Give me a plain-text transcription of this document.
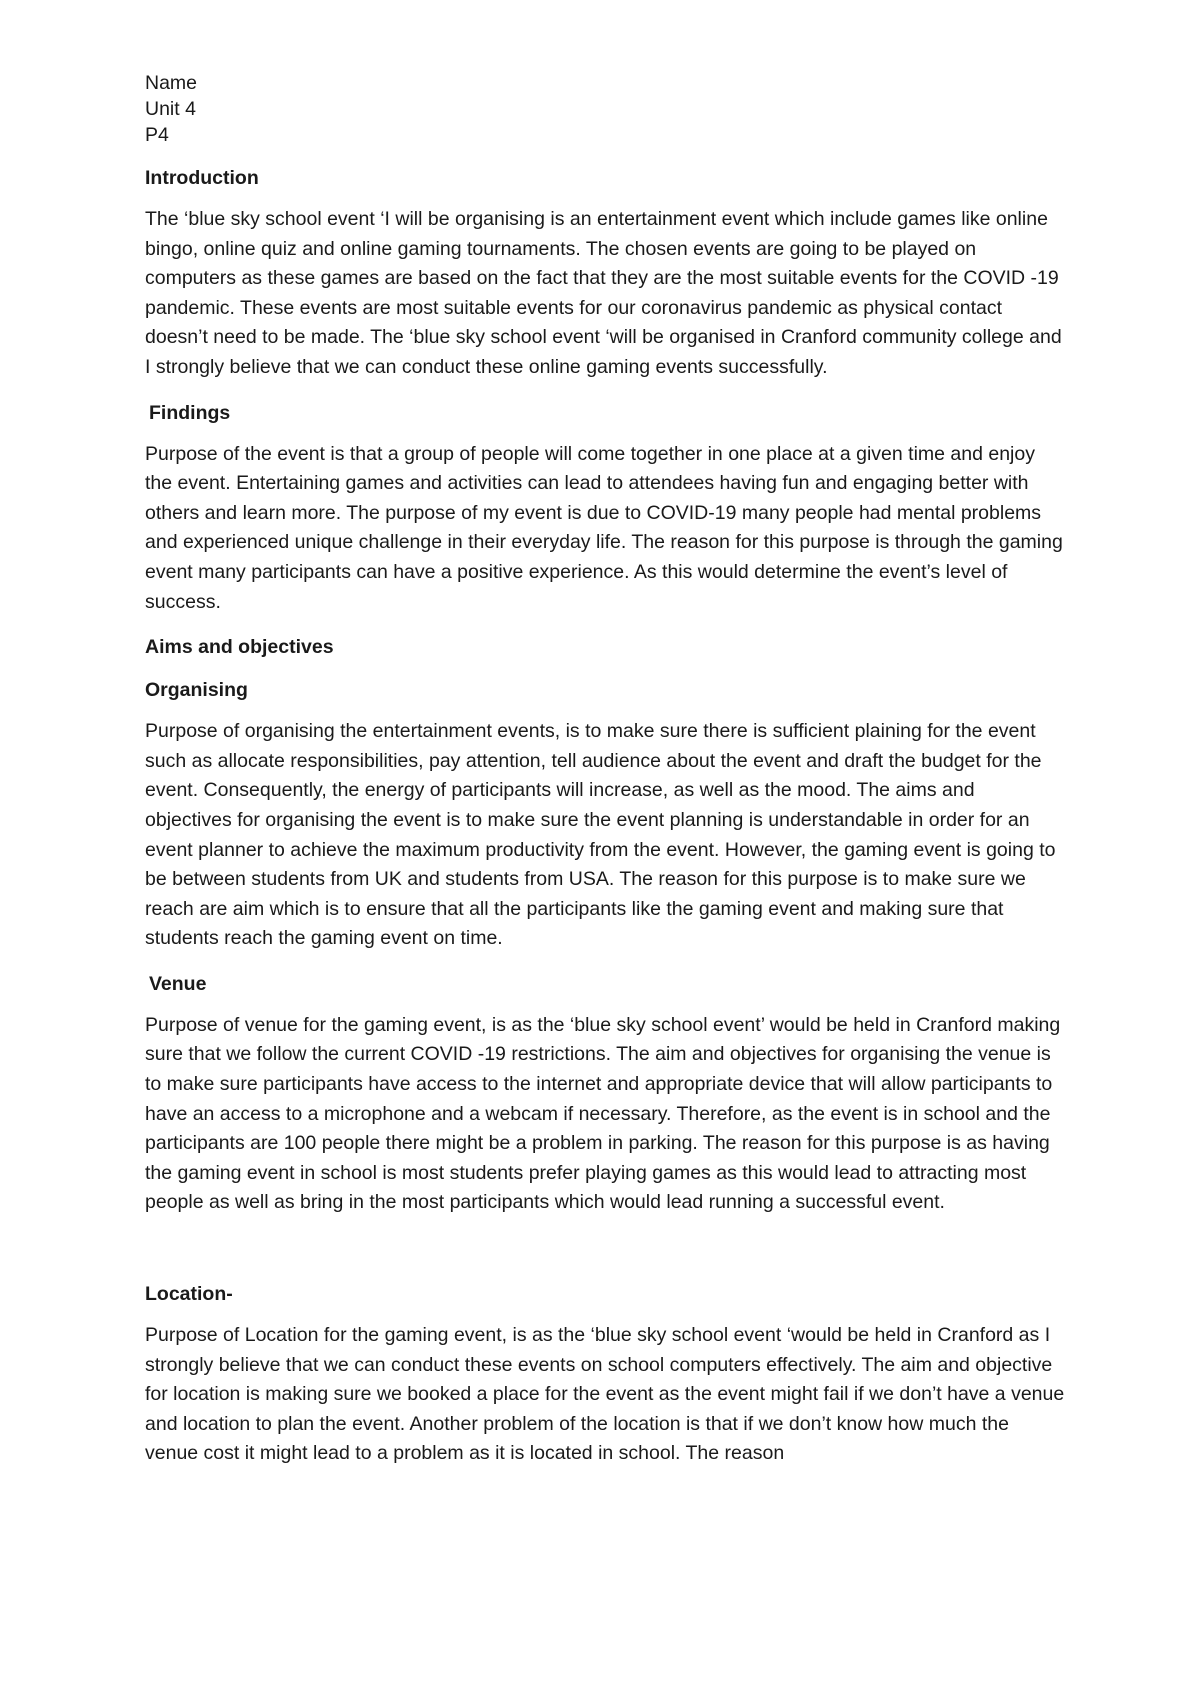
Name

Unit 4

P4

Introduction

The ‘blue sky school event ‘I will be organising is an entertainment event which include games like online bingo, online quiz and online gaming tournaments. The chosen events are going to be played on computers as these games are based on the fact that they are the most suitable events for the COVID -19 pandemic. These events are most suitable events for our coronavirus pandemic as physical contact doesn’t need to be made. The ‘blue sky school event ‘will be organised in Cranford community college and I strongly believe that we can conduct these online gaming events successfully.

Findings

Purpose of the event is that a group of people will come together in one place at a given time and enjoy the event. Entertaining games and activities can lead to attendees having fun and engaging better with others and learn more. The purpose of my event is due to COVID-19 many people had mental problems and experienced unique challenge in their everyday life. The reason for this purpose is through the gaming event many participants can have a positive experience. As this would determine the event’s level of success.

Aims and objectives

Organising

Purpose of organising the entertainment events, is to make sure there is sufficient plaining for the event such as allocate responsibilities, pay attention, tell audience about the event and draft the budget for the event. Consequently, the energy of participants will increase, as well as the mood. The aims and objectives for organising the event is to make sure the event planning is understandable in order for an event planner to achieve the maximum productivity from the event. However, the gaming event is going to be between students from UK and students from USA. The reason for this purpose is to make sure we reach are aim which is to ensure that all the participants like the gaming event and making sure that students reach the gaming event on time.

Venue

Purpose of venue for the gaming event, is as the ‘blue sky school event’ would be held in Cranford making sure that we follow the current COVID -19 restrictions. The aim and objectives for organising the venue is to make sure participants have access to the internet and appropriate device that will allow participants to have an access to a microphone and a webcam if necessary. Therefore, as the event is in school and the participants are 100 people there might be a problem in parking. The reason for this purpose is as having the gaming event in school is most students prefer playing games as this would lead to attracting most people as well as bring in the most participants which would lead running a successful event.

Location-

Purpose of Location for the gaming event, is as the ‘blue sky school event ‘would be held in Cranford as I strongly believe that we can conduct these events on school computers effectively. The aim and objective for location is making sure we booked a place for the event as the event might fail if we don’t have a venue and location to plan the event. Another problem of the location is that if we don’t know how much the venue cost it might lead to a problem as it is located in school. The reason
